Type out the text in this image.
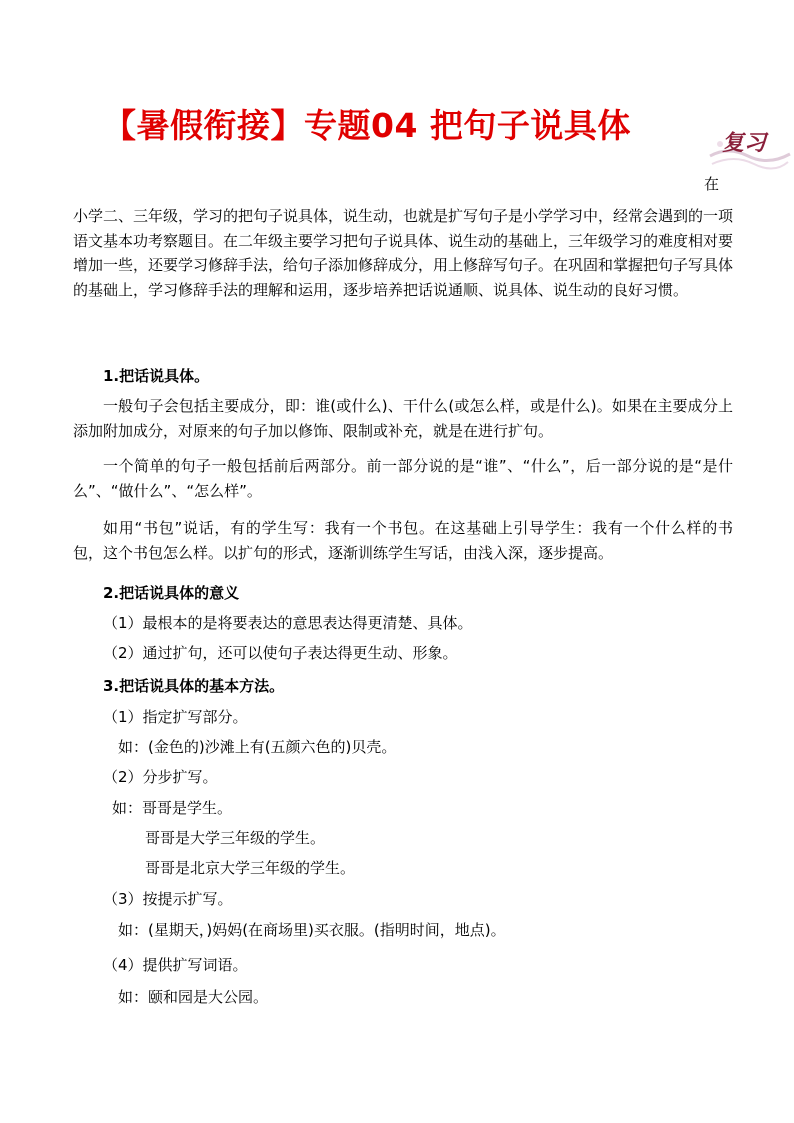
【暑假衔接】专题04 把句子说具体	复习
在
小学二、三年级，学习的把句子说具体，说生动，也就是扩写句子是小学学习中，经常会遇到的一项语文基本功考察题目。在二年级主要学习把句子说具体、说生动的基础上，三年级学习的难度相对要增加一些，还要学习修辞手法，给句子添加修辞成分，用上修辞写句子。在巩固和掌握把句子写具体的基础上，学习修辞手法的理解和运用，逐步培养把话说通顺、说具体、说生动的良好习惯。
1.把话说具体。
一般句子会包括主要成分，即：谁(或什么)、干什么(或怎么样，或是什么)。如果在主要成分上添加附加成分，对原来的句子加以修饰、限制或补充，就是在进行扩句。
一个简单的句子一般包括前后两部分。前一部分说的是“谁”、“什么”，后一部分说的是“是什么”、“做什么”、“怎么样”。
如用“书包”说话，有的学生写：我有一个书包。在这基础上引导学生：我有一个什么样的书包，这个书包怎么样。以扩句的形式，逐渐训练学生写话，由浅入深，逐步提高。
2.把话说具体的意义
（1）最根本的是将要表达的意思表达得更清楚、具体。
（2）通过扩句，还可以使句子表达得更生动、形象。
3.把话说具体的基本方法。
（1）指定扩写部分。
如：(金色的)沙滩上有(五颜六色的)贝壳。
（2）分步扩写。
如：哥哥是学生。
哥哥是大学三年级的学生。
哥哥是北京大学三年级的学生。
（3）按提示扩写。
如：(星期天，)妈妈(在商场里)买衣服。(指明时间，地点)。
（4）提供扩写词语。
如：颐和园是大公园。
